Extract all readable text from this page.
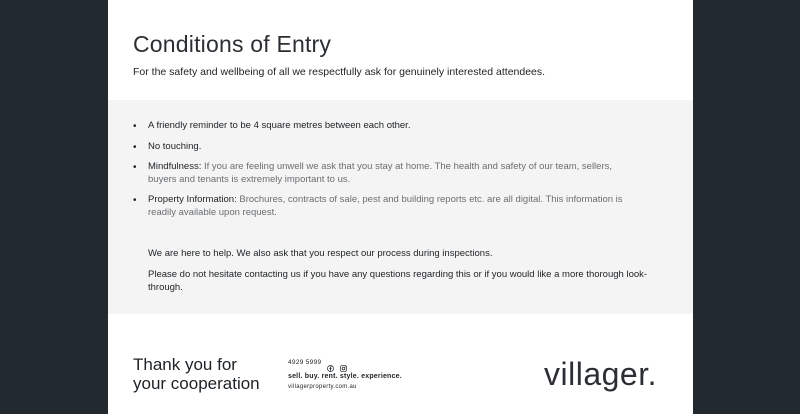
Conditions of Entry
For the safety and wellbeing of all we respectfully ask for genuinely interested attendees.
• A friendly reminder to be 4 square metres between each other.
• No touching.
• Mindfulness: If you are feeling unwell we ask that you stay at home. The health and safety of our team, sellers, buyers and tenants is extremely important to us.
• Property Information: Brochures, contracts of sale, pest and building reports etc. are all digital. This information is readily available upon request.
We are here to help. We also ask that you respect our process during inspections.
Please do not hesitate contacting us if you have any questions regarding this or if you would like a more thorough look-through.
Thank you for
your cooperation
4929 5999
sell. buy. rent. style. experience.
villagerproperty.com.au	villager.
